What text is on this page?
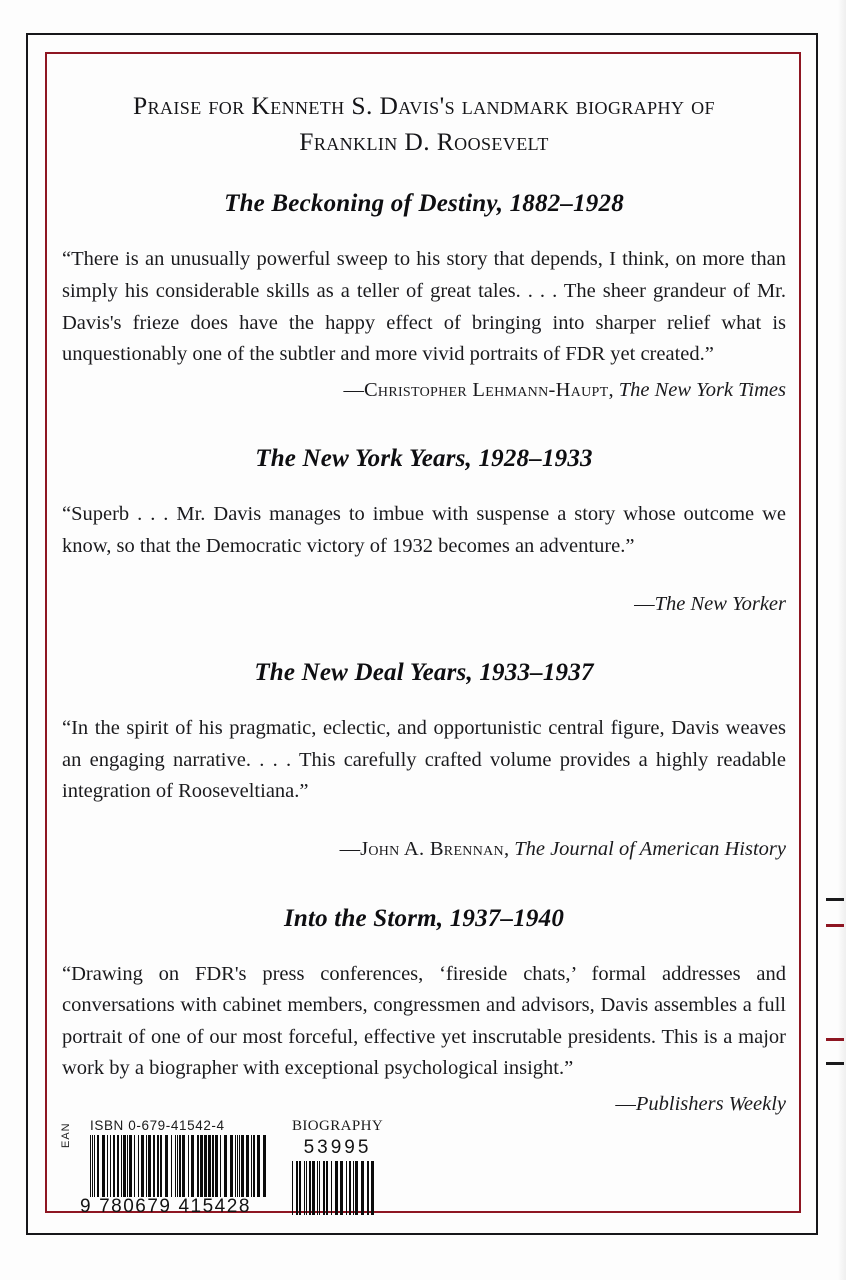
Praise for Kenneth S. Davis's landmark biography of
Franklin D. Roosevelt
The Beckoning of Destiny, 1882–1928

“There is an unusually powerful sweep to his story that depends, I think, on more than simply his considerable skills as a teller of great tales. . . . The sheer grandeur of Mr. Davis's frieze does have the happy effect of bringing into sharper relief what is unquestionably one of the subtler and more vivid portraits of FDR yet created.”

—Christopher Lehmann-Haupt, The New York Times
The New York Years, 1928–1933

“Superb . . . Mr. Davis manages to imbue with suspense a story whose outcome we know, so that the Democratic victory of 1932 becomes an adventure.”

—The New Yorker
The New Deal Years, 1933–1937

“In the spirit of his pragmatic, eclectic, and opportunistic central figure, Davis weaves an engaging narrative. . . . This carefully crafted volume provides a highly readable integration of Rooseveltiana.”

—John A. Brennan, The Journal of American History
Into the Storm, 1937–1940

“Drawing on FDR's press conferences, ‘fireside chats,’ formal addresses and conversations with cabinet members, congressmen and advisors, Davis assembles a full portrait of one of our most forceful, effective yet inscrutable presidents. This is a major work by a biographer with exceptional psychological insight.”

—Publishers Weekly
EAN ISBN 0-679-41542-4
9 780679 415428
BIOGRAPHY
53995
